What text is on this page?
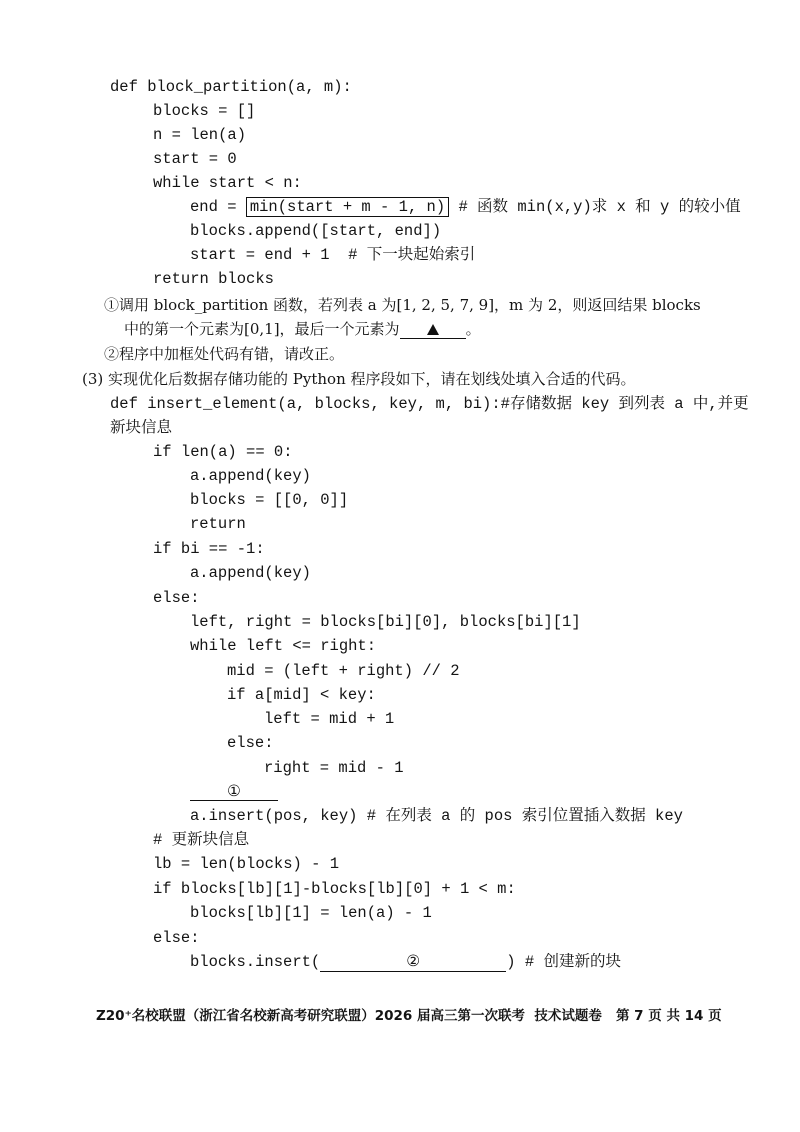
def block_partition(a, m):
blocks = []
n = len(a)
start = 0
while start < n:
end = min(start + m - 1, n) # 函数 min(x,y)求 x 和 y 的较小值
blocks.append([start, end])
start = end + 1  # 下一块起始索引
return blocks
①调用 block_partition 函数，若列表 a 为[1, 2, 5, 7, 9]，m 为 2，则返回结果 blocks
中的第一个元素为[0,1]，最后一个元素为	。
②程序中加框处代码有错，请改正。
(3) 实现优化后数据存储功能的 Python 程序段如下，请在划线处填入合适的代码。
def insert_element(a, blocks, key, m, bi):#存储数据 key 到列表 a 中,并更
新块信息
if len(a) == 0:
a.append(key)
blocks = [[0, 0]]
return
if bi == -1:
a.append(key)
else:
left, right = blocks[bi][0], blocks[bi][1]
while left <= right:
mid = (left + right) // 2
if a[mid] < key:
left = mid + 1
else:
right = mid - 1
①
a.insert(pos, key) # 在列表 a 的 pos 索引位置插入数据 key
# 更新块信息
lb = len(blocks) - 1
if blocks[lb][1]-blocks[lb][0] + 1 < m:
blocks[lb][1] = len(a) - 1
else:
blocks.insert(	②	) # 创建新的块
Z20⁺名校联盟（浙江省名校新高考研究联盟）2026 届高三第一次联考  技术试题卷   第 7 页 共 14 页
